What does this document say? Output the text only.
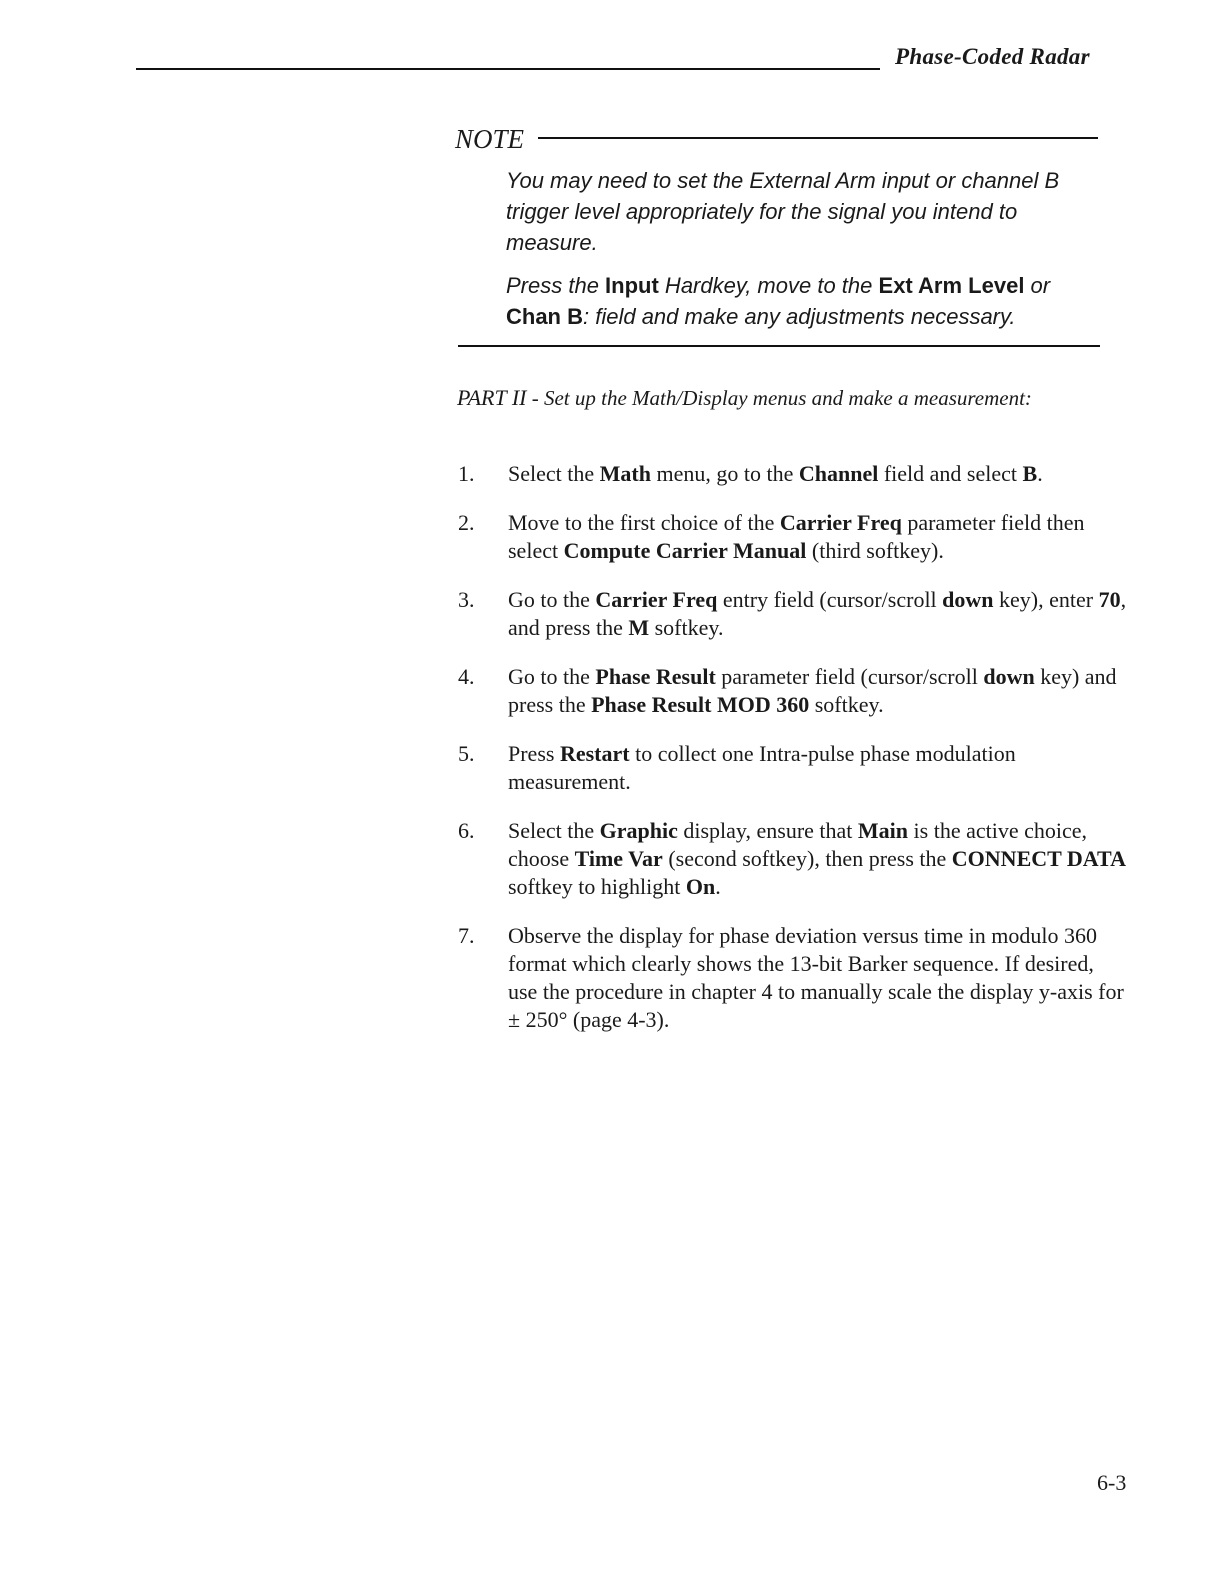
Phase-Coded Radar
NOTE

You may need to set the External Arm input or channel B trigger level appropriately for the signal you intend to measure.

Press the Input Hardkey, move to the Ext Arm Level or Chan B: field and make any adjustments necessary.

PART II - Set up the Math/Display menus and make a measurement:

1.	Select the Math menu, go to the Channel field and select B.
2.	Move to the first choice of the Carrier Freq parameter field then select Compute Carrier Manual (third softkey).
3.	Go to the Carrier Freq entry field (cursor/scroll down key), enter 70, and press the M softkey.
4.	Go to the Phase Result parameter field (cursor/scroll down key) and press the Phase Result MOD 360 softkey.
5.	Press Restart to collect one Intra-pulse phase modulation measurement.
6.	Select the Graphic display, ensure that Main is the active choice, choose Time Var (second softkey), then press the CONNECT DATA softkey to highlight On.
7.	Observe the display for phase deviation versus time in modulo 360 format which clearly shows the 13-bit Barker sequence. If desired, use the procedure in chapter 4 to manually scale the display y-axis for ± 250° (page 4-3).
6-3
